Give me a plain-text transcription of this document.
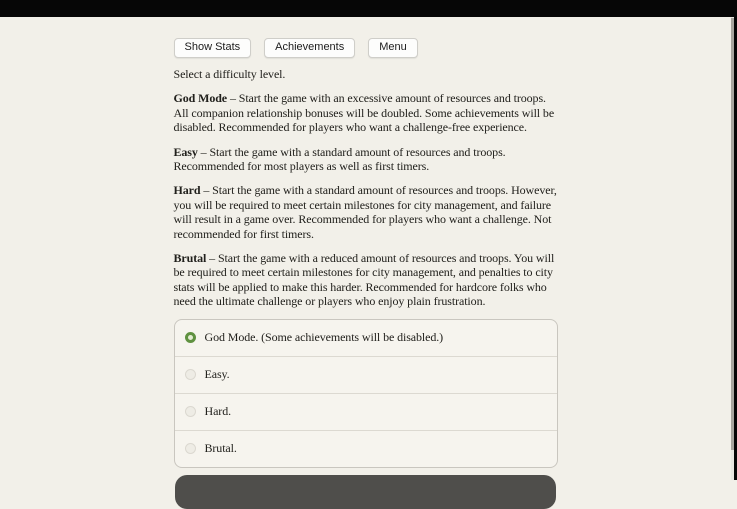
Show Stats	Achievements	Menu

Select a difficulty level.

God Mode – Start the game with an excessive amount of resources and troops. All companion relationship bonuses will be doubled. Some achievements will be disabled. Recommended for players who want a challenge-free experience.

Easy – Start the game with a standard amount of resources and troops. Recommended for most players as well as first timers.

Hard – Start the game with a standard amount of resources and troops. However, you will be required to meet certain milestones for city management, and failure will result in a game over. Recommended for players who want a challenge. Not recommended for first timers.

Brutal – Start the game with a reduced amount of resources and troops. You will be required to meet certain milestones for city management, and penalties to city stats will be applied to make this harder. Recommended for hardcore folks who need the ultimate challenge or players who enjoy plain frustration.

God Mode. (Some achievements will be disabled.)
Easy.
Hard.
Brutal.
